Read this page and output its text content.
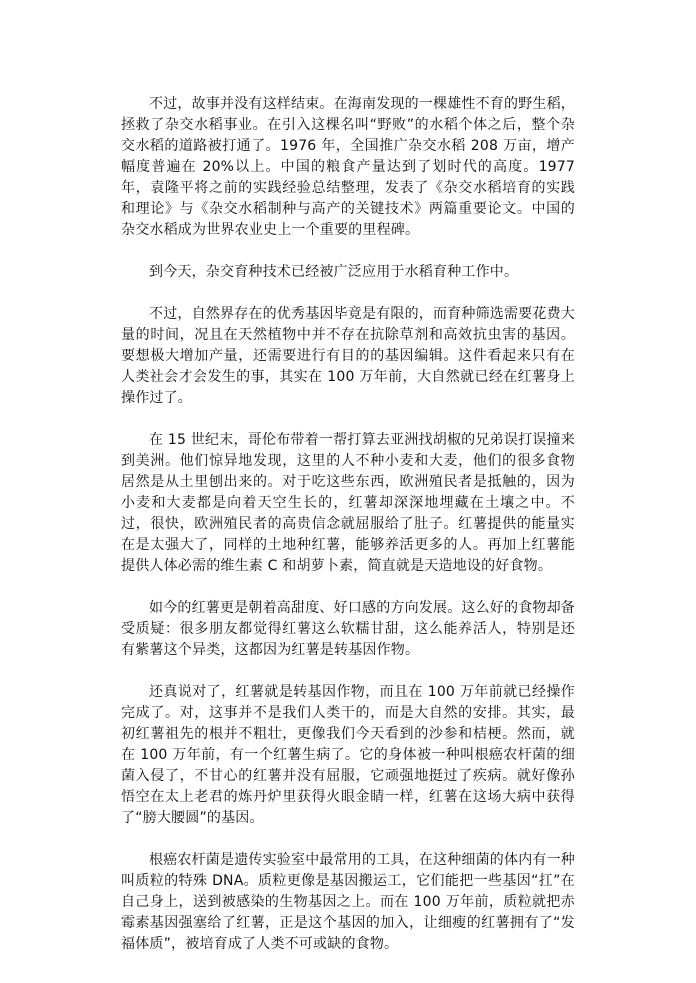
不过，故事并没有这样结束。在海南发现的一棵雄性不育的野生稻，拯救了杂交水稻事业。在引入这棵名叫“野败”的水稻个体之后，整个杂交水稻的道路被打通了。1976 年，全国推广杂交水稻 208 万亩，增产幅度普遍在 20%以上。中国的粮食产量达到了划时代的高度。1977 年，袁隆平将之前的实践经验总结整理，发表了《杂交水稻培育的实践和理论》与《杂交水稻制种与高产的关键技术》两篇重要论文。中国的杂交水稻成为世界农业史上一个重要的里程碑。

到今天，杂交育种技术已经被广泛应用于水稻育种工作中。

不过，自然界存在的优秀基因毕竟是有限的，而育种筛选需要花费大量的时间，况且在天然植物中并不存在抗除草剂和高效抗虫害的基因。要想极大增加产量，还需要进行有目的的基因编辑。这件看起来只有在人类社会才会发生的事，其实在 100 万年前，大自然就已经在红薯身上操作过了。

在 15 世纪末，哥伦布带着一帮打算去亚洲找胡椒的兄弟误打误撞来到美洲。他们惊异地发现，这里的人不种小麦和大麦，他们的很多食物居然是从土里刨出来的。对于吃这些东西，欧洲殖民者是抵触的，因为小麦和大麦都是向着天空生长的，红薯却深深地埋藏在土壤之中。不过，很快，欧洲殖民者的高贵信念就屈服给了肚子。红薯提供的能量实在是太强大了，同样的土地种红薯，能够养活更多的人。再加上红薯能提供人体必需的维生素 C 和胡萝卜素，简直就是天造地设的好食物。

如今的红薯更是朝着高甜度、好口感的方向发展。这么好的食物却备受质疑：很多朋友都觉得红薯这么软糯甘甜，这么能养活人，特别是还有紫薯这个异类，这都因为红薯是转基因作物。

还真说对了，红薯就是转基因作物，而且在 100 万年前就已经操作完成了。对，这事并不是我们人类干的，而是大自然的安排。其实，最初红薯祖先的根并不粗壮，更像我们今天看到的沙参和桔梗。然而，就在 100 万年前，有一个红薯生病了。它的身体被一种叫根癌农杆菌的细菌入侵了，不甘心的红薯并没有屈服，它顽强地挺过了疾病。就好像孙悟空在太上老君的炼丹炉里获得火眼金睛一样，红薯在这场大病中获得了“膀大腰圆”的基因。

根癌农杆菌是遗传实验室中最常用的工具，在这种细菌的体内有一种叫质粒的特殊 DNA。质粒更像是基因搬运工，它们能把一些基因“扛”在自己身上，送到被感染的生物基因之上。而在 100 万年前，质粒就把赤霉素基因强塞给了红薯，正是这个基因的加入，让细瘦的红薯拥有了“发福体质”，被培育成了人类不可或缺的食物。
